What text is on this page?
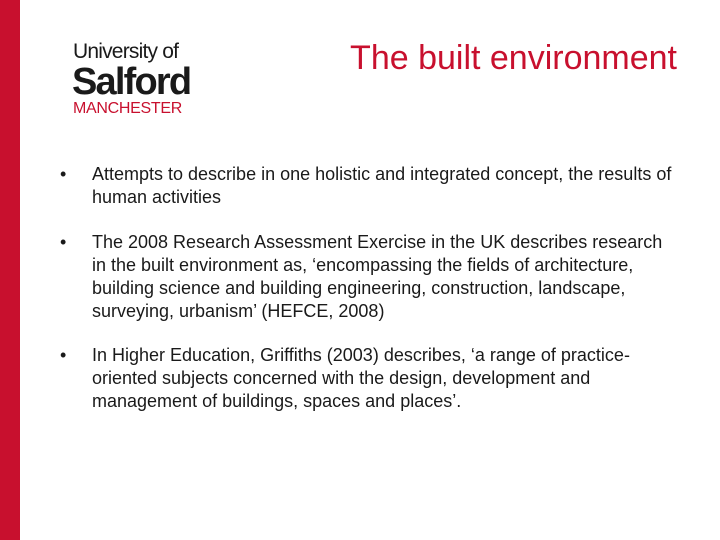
University of
Salford
MANCHESTER
The built environment
•	Attempts to describe in one holistic and integrated concept, the results of human activities
•	The 2008 Research Assessment Exercise in the UK describes research in the built environment as, ‘encompassing the fields of architecture, building science and building engineering, construction, landscape, surveying, urbanism’ (HEFCE, 2008)
•	In Higher Education, Griffiths (2003) describes, ‘a range of practice-oriented subjects concerned with the design, development and management of buildings, spaces and places’.
